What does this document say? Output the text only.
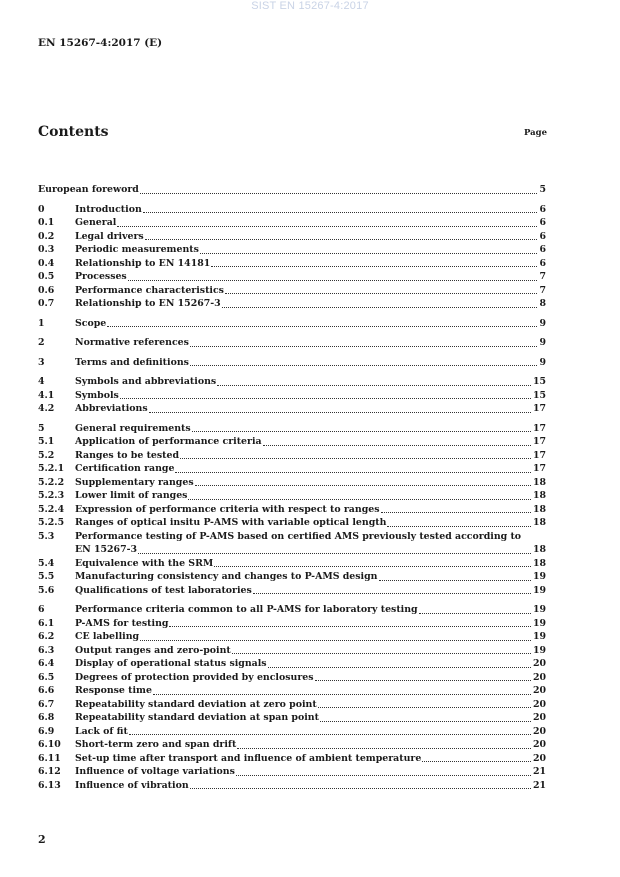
SIST EN 15267-4:2017
EN 15267-4:2017 (E)
Contents	Page
European foreword	5
0	Introduction	6
0.1	General	6
0.2	Legal drivers	6
0.3	Periodic measurements	6
0.4	Relationship to EN 14181	6
0.5	Processes	7
0.6	Performance characteristics	7
0.7	Relationship to EN 15267-3	8
1	Scope	9
2	Normative references	9
3	Terms and definitions	9
4	Symbols and abbreviations	15
4.1	Symbols	15
4.2	Abbreviations	17
5	General requirements	17
5.1	Application of performance criteria	17
5.2	Ranges to be tested	17
5.2.1	Certification range	17
5.2.2	Supplementary ranges	18
5.2.3	Lower limit of ranges	18
5.2.4	Expression of performance criteria with respect to ranges	18
5.2.5	Ranges of optical insitu P-AMS with variable optical length	18
5.3	Performance testing of P-AMS based on certified AMS previously tested according to
EN 15267-3	18
5.4	Equivalence with the SRM	18
5.5	Manufacturing consistency and changes to P-AMS design	19
5.6	Qualifications of test laboratories	19
6	Performance criteria common to all P-AMS for laboratory testing	19
6.1	P-AMS for testing	19
6.2	CE labelling	19
6.3	Output ranges and zero-point	19
6.4	Display of operational status signals	20
6.5	Degrees of protection provided by enclosures	20
6.6	Response time	20
6.7	Repeatability standard deviation at zero point	20
6.8	Repeatability standard deviation at span point	20
6.9	Lack of fit	20
6.10	Short-term zero and span drift	20
6.11	Set-up time after transport and influence of ambient temperature	20
6.12	Influence of voltage variations	21
6.13	Influence of vibration	21
2
